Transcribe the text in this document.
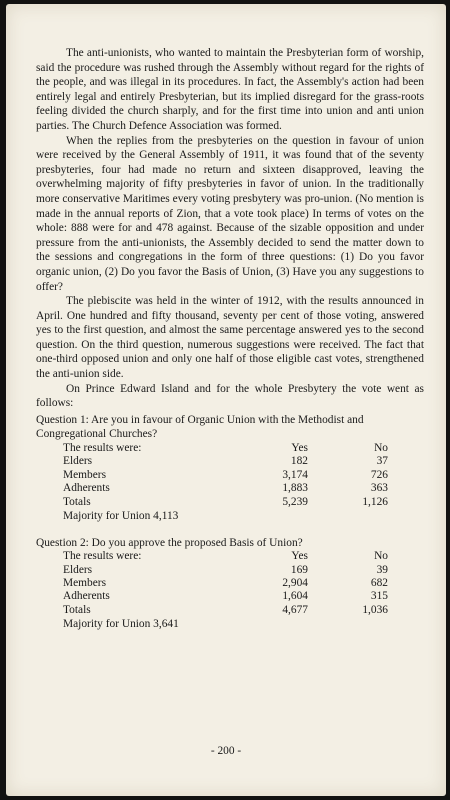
The anti-unionists, who wanted to maintain the Presbyterian form of worship, said the procedure was rushed through the Assembly without regard for the rights of the people, and was illegal in its procedures. In fact, the Assembly's action had been entirely legal and entirely Presbyterian, but its implied disregard for the grass-roots feeling divided the church sharply, and for the first time into union and anti union parties. The Church Defence Association was formed.

When the replies from the presbyteries on the question in favour of union were received by the General Assembly of 1911, it was found that of the seventy presbyteries, four had made no return and sixteen disapproved, leaving the overwhelming majority of fifty presbyteries in favor of union. In the traditionally more conservative Maritimes every voting presbytery was pro-union. (No mention is made in the annual reports of Zion, that a vote took place) In terms of votes on the whole: 888 were for and 478 against. Because of the sizable opposition and under pressure from the anti-unionists, the Assembly decided to send the matter down to the sessions and congregations in the form of three questions: (1) Do you favor organic union, (2) Do you favor the Basis of Union, (3) Have you any suggestions to offer?

The plebiscite was held in the winter of 1912, with the results announced in April. One hundred and fifty thousand, seventy per cent of those voting, answered yes to the first question, and almost the same percentage answered yes to the second question. On the third question, numerous suggestions were received. The fact that one-third opposed union and only one half of those eligible cast votes, strengthened the anti-union side.

On Prince Edward Island and for the whole Presbytery the vote went as follows:

Question 1: Are you in favour of Organic Union with the Methodist and Congregational Churches?
The results were:	Yes	No
Elders	182	37
Members	3,174	726
Adherents	1,883	363
Totals	5,239	1,126
Majority for Union 4,113
Question 2: Do you approve the proposed Basis of Union?
The results were:	Yes	No
Elders	169	39
Members	2,904	682
Adherents	1,604	315
Totals	4,677	1,036
Majority for Union 3,641
- 200 -
